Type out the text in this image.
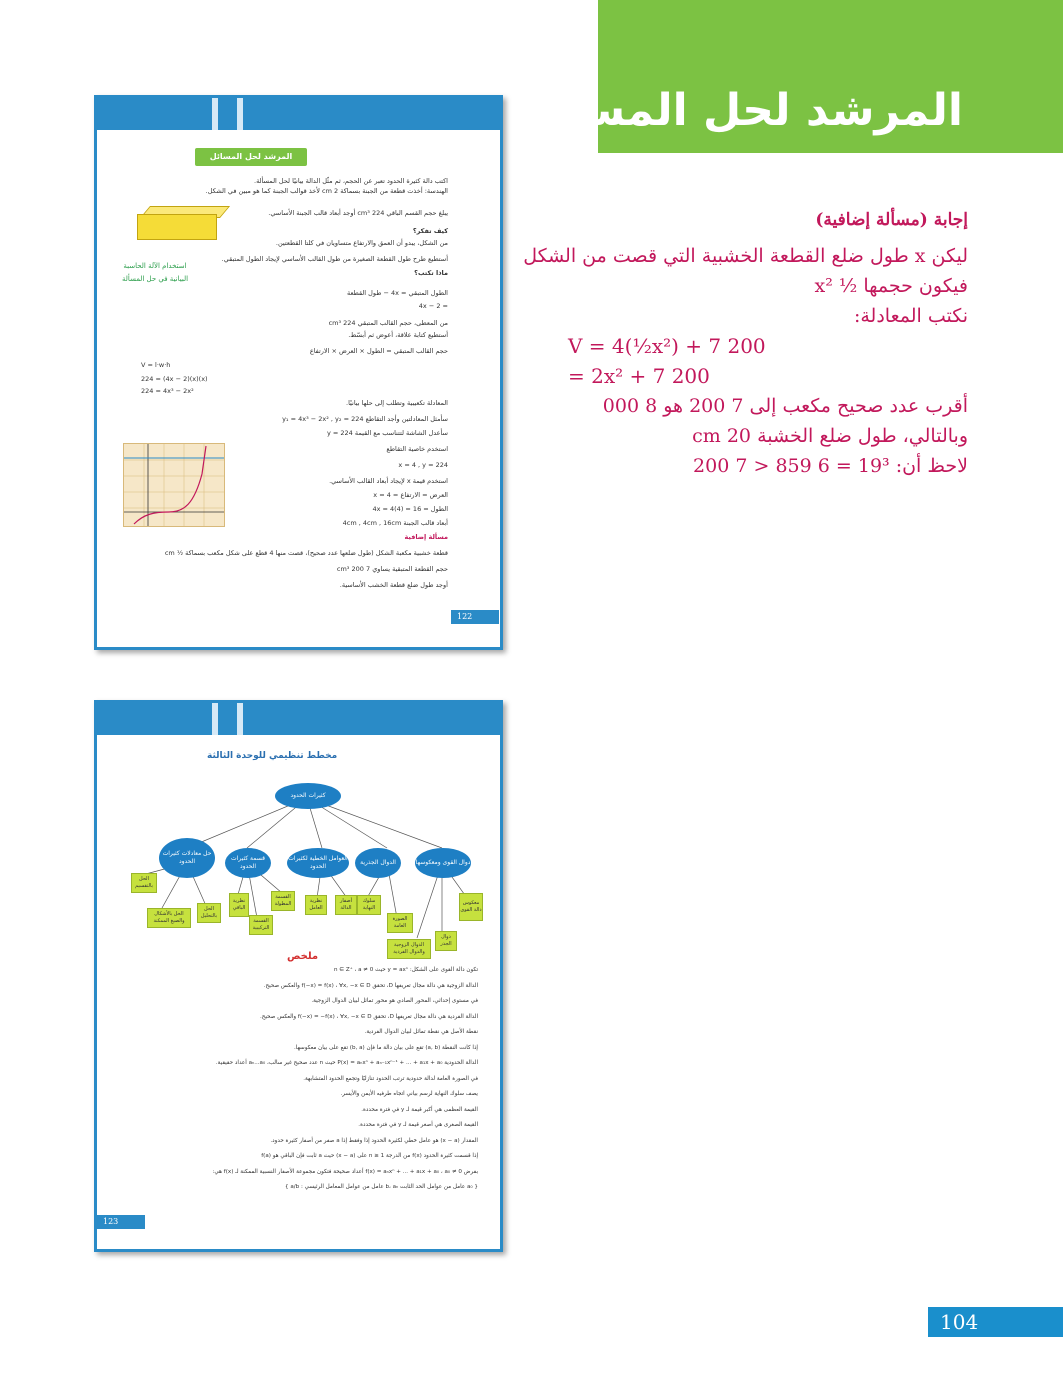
المرشد لحل المسائل
إجابة (مسألة إضافية)
ليكن x طول ضلع القطعة الخشبية التي قصت من الشكل
فيكون حجمها ½ x²
نكتب المعادلة:
V = 4(½x²) + 7 200
= 2x² + 7 200
أقرب عدد صحيح مكعب إلى 7 200 هو 8 000
وبالتالي، طول ضلع الخشبة 20 cm
لاحظ أن: 19³ = 6 859 < 7 200
104
المرشد لحل المسائل
استخدام الآلة الحاسبة البيانية في حل المسألة
اكتب دالة كثيرة الحدود تعبر عن الحجم، ثم مثّل الدالة بيانيًا لحل المسألة.
الهندسة: أخذت قطعة من الجبنة بسماكة 2 cm لأخذ قوالب الجبنة كما هو مبين في الشكل.
يبلغ حجم القسم الباقي 224 cm³ أوجد أبعاد قالب الجبنة الأساسي.
كيف تفكر؟
من الشكل، يبدو أن العمق والارتفاع متساويان في كلتا القطعتين.
أستطيع طرح طول القطعة الصغيرة من طول القالب الأساسي لإيجاد الطول المتبقي.
ماذا تكتب؟
الطول المتبقي = 4x − طول القطعة
= 4x − 2
من المعطى، حجم القالب المتبقي 224 cm³
أستطيع كتابة علاقة، أعوض ثم أبسّط.
حجم القالب المتبقي = الطول × العرض × الارتفاع
V = l·w·h
224 = (4x − 2)(x)(x)
224 = 4x³ − 2x²
المعادلة تكعيبية وتطلب إلى حلها بيانيًا.
سأمثل المعادلتين وأجد التقاطع y₁ = 4x³ − 2x² , y₂ = 224
سأعدل الشاشة لتتناسب مع القيمة y = 224
استخدم خاصية التقاطع
x = 4 , y = 224
استخدم قيمة x لإيجاد أبعاد القالب الأساسي.
العرض = الارتفاع = x = 4
الطول = 4x = 4(4) = 16
أبعاد قالب الجبنة 4cm , 4cm , 16cm
مسألة إضافية
قطعة خشبية مكعبة الشكل (طول ضلعها عدد صحيح)، قصت منها 4 قطع على شكل مكعب بسماكة ½ cm
حجم القطعة المتبقية يساوي 7 200 cm³
أوجد طول ضلع قطعة الخشب الأساسية.
122
مخطط تنظيمي للوحدة الثالثة
كثيرات الحدود
حل معادلات كثيرات الحدود	قسمة كثيرات الحدود
العوامل الخطية لكثيرات الحدود
الدوال الجذرية	دوال القوى ومعكوسها
الحل بالتقسيم
الحل بالتحليل
الحل بالأشكال والصيغ الممكنة
نظرية الباقي
القسمة المطولة
القسمة التركيبية
نظرية العامل
أصفار الدالة
سلوك النهاية
الصورة العامة
الدوال الزوجية والدوال الفردية
دوال الجذر
معكوس دالة القوى
ملخص
تكون دالة القوى على الشكل: y = axⁿ حيث n ∈ Z⁺ ، a ≠ 0
الدالة الزوجية هي دالة مجال تعريفها D، تحقق f(−x) = f(x) ، ∀x, −x ∈ D والعكس صحيح.
في مستوى إحداثي، المحور الصادي هو محور تماثل لبيان الدوال الزوجية.
الدالة الفردية هي دالة مجال تعريفها D، تحقق f(−x) = −f(x) ، ∀x, −x ∈ D والعكس صحيح.
نقطة الأصل هي نقطة تماثل لبيان الدوال الفردية.
إذا كانت النقطة (a, b) تقع على بيان دالة ما فإن (b, a) تقع على بيان معكوسها.
الدالة الحدودية P(x) = aₙxⁿ + aₙ₋₁xⁿ⁻¹ + ... + a₁x + a₀ حيث n عدد صحيح غير سالب، aₙ...a₀ أعداد حقيقية.
في الصورة العامة لدالة حدودية ترتب الحدود تنازليًا وتجمع الحدود المتشابهة.
يصف سلوك النهاية لرسم بياني اتجاه طرفيه الأيمن والأيسر.
القيمة العظمى هي أكبر قيمة لـ y في فترة محددة.
القيمة الصغرى هي أصغر قيمة لـ y في فترة محددة.
المقدار (x − a) هو عامل خطي لكثيرة الحدود إذا وفقط إذا a صفر من أصفار كثيرة حدود.
إذا قسمت كثيرة الحدود f(x) من الدرجة n ≥ 1 على (x − a) حيث a ثابت فإن الباقي هو f(a)
بفرض f(x) = aₙxⁿ + ... + a₁x + a₀ ، a₀ ≠ 0 أعداد صحيحة فتكون مجموعة الأصفار النسبية الممكنة لـ f(x) هي:
{ a₀ عامل من عوامل الحد الثابت b، aₙ عامل من عوامل المعامل الرئيسي : a/b }
123
